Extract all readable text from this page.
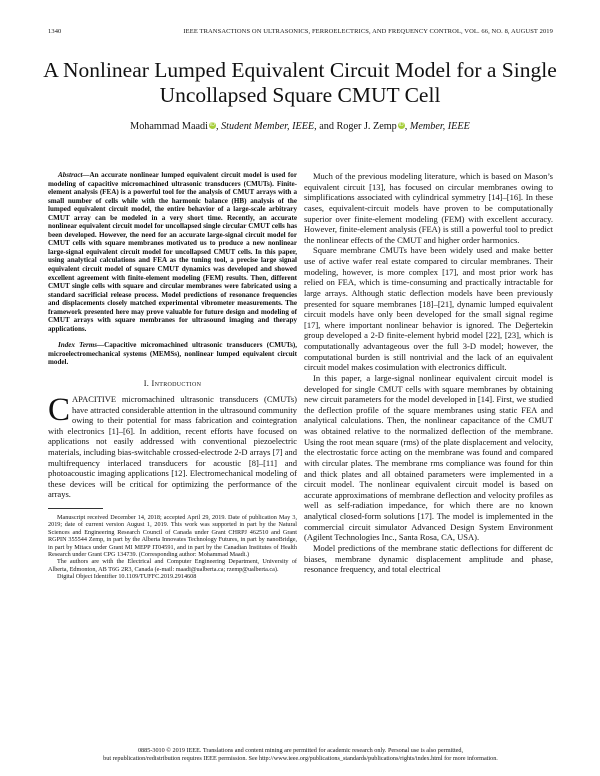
1340	IEEE TRANSACTIONS ON ULTRASONICS, FERROELECTRICS, AND FREQUENCY CONTROL, VOL. 66, NO. 8, AUGUST 2019
A Nonlinear Lumped Equivalent Circuit Model for a Single Uncollapsed Square CMUT Cell
Mohammad Maadi iD, Student Member, IEEE, and Roger J. Zemp iD, Member, IEEE

Abstract—An accurate nonlinear lumped equivalent circuit model is used for modeling of capacitive micromachined ultrasonic transducers (CMUTs). Finite-element analysis (FEA) is a powerful tool for the analysis of CMUT arrays with a small number of cells while with the harmonic balance (HB) analysis of the lumped equivalent circuit model, the entire behavior of a large-scale arbitrary CMUT array can be modeled in a very short time. Recently, an accurate nonlinear equivalent circuit model for uncollapsed single circular CMUT cells has been developed. However, the need for an accurate large-signal circuit model for CMUT cells with square membranes motivated us to produce a new nonlinear large-signal equivalent circuit model for uncollapsed CMUT cells. In this paper, using analytical calculations and FEA as the tuning tool, a precise large signal equivalent circuit model of square CMUT dynamics was developed and showed excellent agreement with finite-element modeling (FEM) results. Then, different CMUT single cells with square and circular membranes were fabricated using a standard sacrificial release process. Model predictions of resonance frequencies and displacements closely matched experimental vibrometer measurements. The framework presented here may prove valuable for future design and modeling of CMUT arrays with square membranes for ultrasound imaging and therapy applications.

Index Terms—Capacitive micromachined ultrasonic transducers (CMUTs), microelectromechanical systems (MEMSs), nonlinear lumped equivalent circuit model.

I. Introduction

CAPACITIVE micromachined ultrasonic transducers (CMUTs) have attracted considerable attention in the ultrasound community owing to their potential for mass fabrication and cointegration with electronics [1]–[6]. In addition, recent efforts have focused on applications not easily addressed with conventional piezoelectric materials, including bias-switchable crossed-electrode 2-D arrays [7] and multifrequency interlaced transducers for acoustic [8]–[11] and photoacoustic imaging applications [12]. Electromechanical modeling of these devices will be critical for optimizing the performance of the arrays.

Manuscript received December 14, 2018; accepted April 29, 2019. Date of publication May 3, 2019; date of current version August 1, 2019. This work was supported in part by the Natural Sciences and Engineering Research Council of Canada under Grant CHRPJ 462510 and Grant RGPIN 355544 Zemp, in part by the Alberta Innovates Technology Futures, in part by nanoBridge, in part by Mitacs under Grant MI MEPP IT04591, and in part by the Canadian Institutes of Health Research under Grant CPG 134739. (Corresponding author: Mohammad Maadi.)

The authors are with the Electrical and Computer Engineering Department, University of Alberta, Edmonton, AB T6G 2R3, Canada (e-mail: maadi@ualberta.ca; rzemp@ualberta.ca).

Digital Object Identifier 10.1109/TUFFC.2019.2914608

Much of the previous modeling literature, which is based on Mason’s equivalent circuit [13], has focused on circular membranes owing to simplifications associated with cylindrical symmetry [14]–[16]. In these cases, equivalent-circuit models have proven to be computationally superior over finite-element modeling (FEM) with excellent accuracy. However, finite-element analysis (FEA) is still a powerful tool to predict the nonlinear effects of the CMUT and higher order harmonics.

Square membrane CMUTs have been widely used and make better use of active wafer real estate compared to circular membranes. Their modeling, however, is more complex [17], and most prior work has relied on FEA, which is time-consuming and practically intractable for large arrays. Although static deflection models have been previously presented for square membranes [18]–[21], dynamic lumped equivalent circuit models have only been developed for the small signal regime [17], where important nonlinear behavior is ignored. The Değertekin group developed a 2-D finite-element hybrid model [22], [23], which is computationally advantageous over the full 3-D model; however, the computational burden is still nontrivial and the lack of an equivalent circuit model makes cosimulation with electronics difficult.

In this paper, a large-signal nonlinear equivalent circuit model is developed for single CMUT cells with square membranes by obtaining new circuit parameters for the model developed in [14]. First, we studied the deflection profile of the square membranes using static FEA and analytical calculations. Then, the nonlinear capacitance of the CMUT was obtained relative to the normalized deflection of the membrane. Using the root mean square (rms) of the plate displacement and velocity, the electrostatic force acting on the membrane was found and compared with circular plates. The membrane rms compliance was found for thin and thick plates and all obtained parameters were implemented in a circuit model. The nonlinear equivalent circuit model is based on accurate approximations of membrane deflection and velocity profiles as well as self-radiation impedance, for which there are no known analytical closed-form solutions [17]. The model is implemented in the commercial circuit simulator Advanced Design System Environment (Agilent Technologies Inc., Santa Rosa, CA, USA).

Model predictions of the membrane static deflections for different dc biases, membrane dynamic displacement amplitude and phase, resonance frequency, and total electrical

0885-3010 © 2019 IEEE. Translations and content mining are permitted for academic research only. Personal use is also permitted,
but republication/redistribution requires IEEE permission. See http://www.ieee.org/publications_standards/publications/rights/index.html for more information.
